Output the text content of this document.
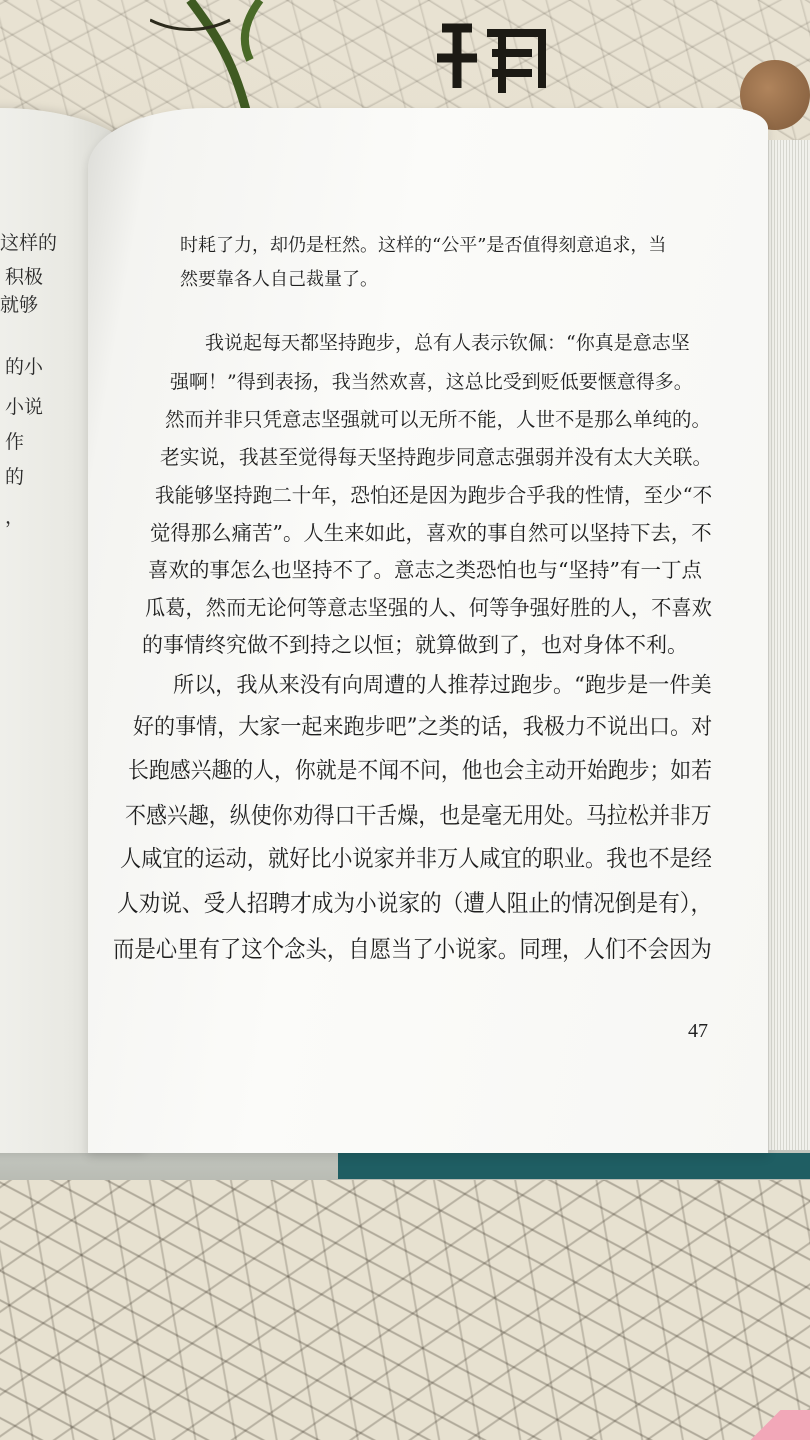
这样的
积极
就够
的小
小说
作
的
，
时耗了力，却仍是枉然。这样的“公平”是否值得刻意追求，当
然要靠各人自己裁量了。
我说起每天都坚持跑步，总有人表示钦佩：“你真是意志坚
强啊！”得到表扬，我当然欢喜，这总比受到贬低要惬意得多。
然而并非只凭意志坚强就可以无所不能，人世不是那么单纯的。
老实说，我甚至觉得每天坚持跑步同意志强弱并没有太大关联。
我能够坚持跑二十年，恐怕还是因为跑步合乎我的性情，至少“不
觉得那么痛苦”。人生来如此，喜欢的事自然可以坚持下去，不
喜欢的事怎么也坚持不了。意志之类恐怕也与“坚持”有一丁点
瓜葛，然而无论何等意志坚强的人、何等争强好胜的人，不喜欢
的事情终究做不到持之以恒；就算做到了，也对身体不利。
所以，我从来没有向周遭的人推荐过跑步。“跑步是一件美
好的事情，大家一起来跑步吧”之类的话，我极力不说出口。对
长跑感兴趣的人，你就是不闻不问，他也会主动开始跑步；如若
不感兴趣，纵使你劝得口干舌燥，也是毫无用处。马拉松并非万
人咸宜的运动，就好比小说家并非万人咸宜的职业。我也不是经
人劝说、受人招聘才成为小说家的（遭人阻止的情况倒是有），
而是心里有了这个念头，自愿当了小说家。同理，人们不会因为
47
